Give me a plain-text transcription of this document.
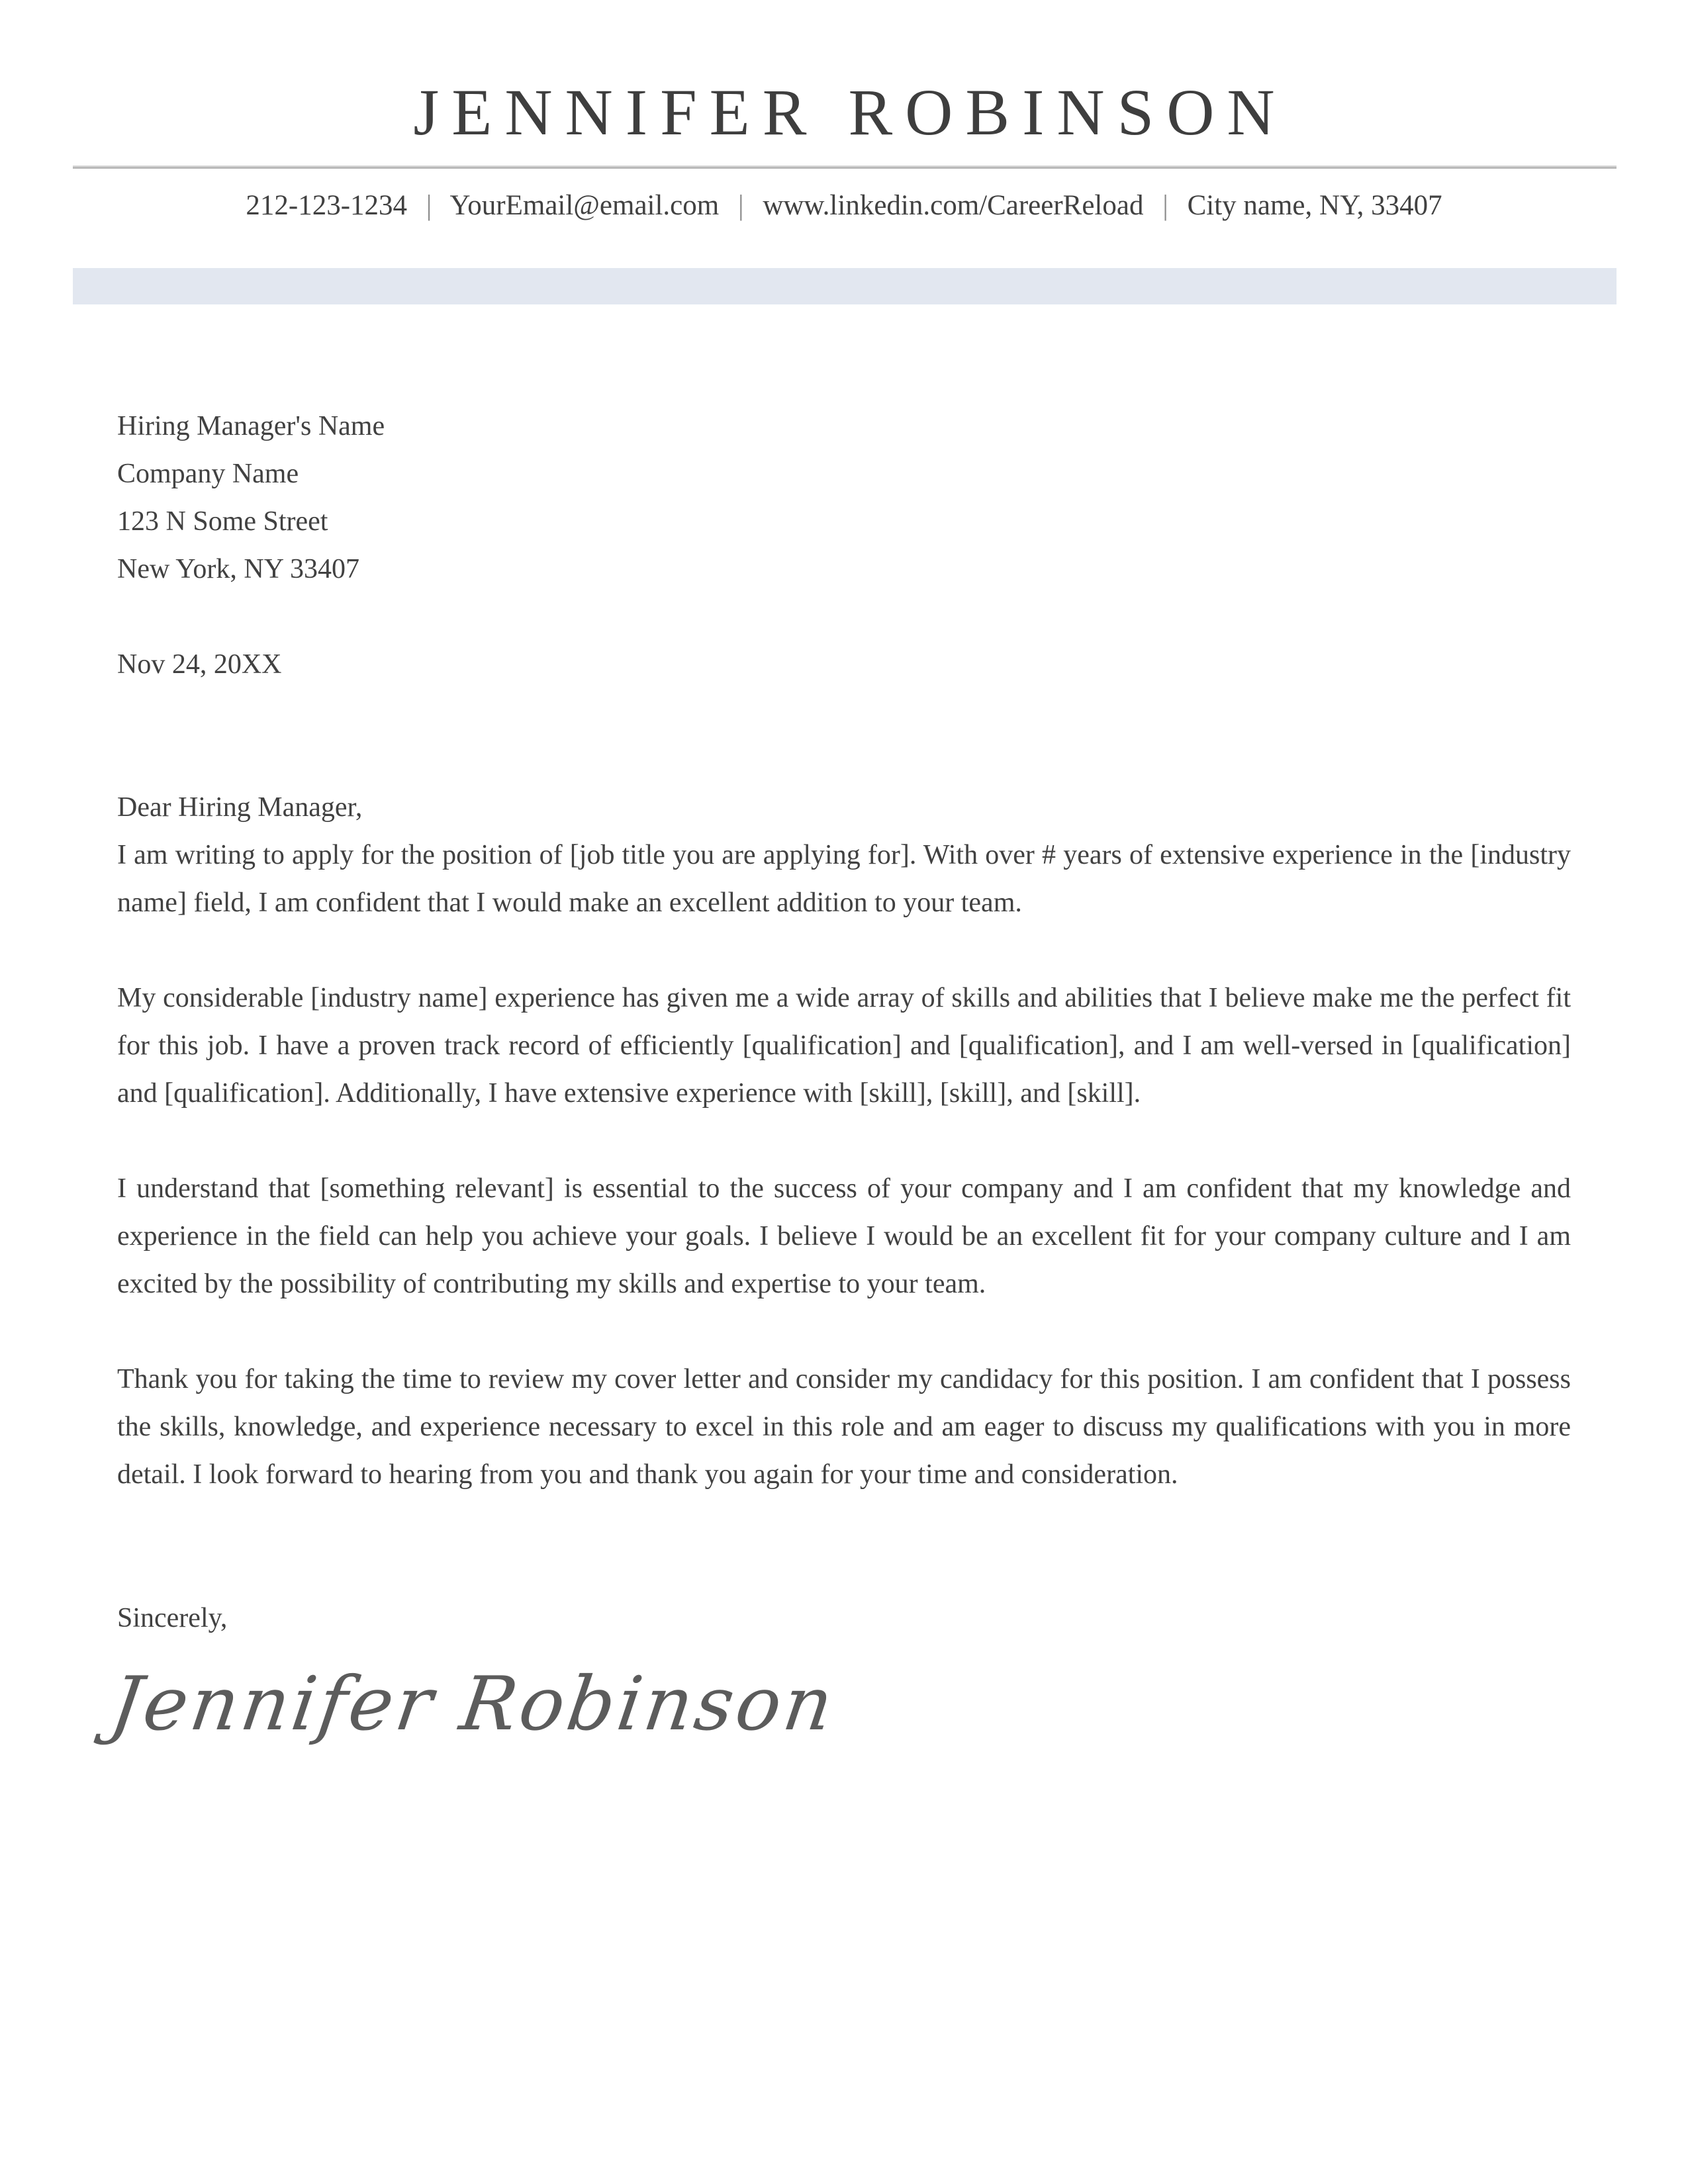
JENNIFER ROBINSON
212-123-1234 | YourEmail@email.com | www.linkedin.com/CareerReload | City name, NY, 33407
Hiring Manager's Name
Company Name
123 N Some Street
New York, NY 33407
Nov 24, 20XX
Dear Hiring Manager,

I am writing to apply for the position of [job title you are applying for]. With over # years of extensive experience in the [industry name] field, I am confident that I would make an excellent addition to your team.

My considerable [industry name] experience has given me a wide array of skills and abilities that I believe make me the perfect fit for this job. I have a proven track record of efficiently [qualification] and [qualification], and I am well-versed in [qualification] and [qualification]. Additionally, I have extensive experience with [skill], [skill], and [skill].

I understand that [something relevant] is essential to the success of your company and I am confident that my knowledge and experience in the field can help you achieve your goals. I believe I would be an excellent fit for your company culture and I am excited by the possibility of contributing my skills and expertise to your team.

Thank you for taking the time to review my cover letter and consider my candidacy for this position. I am confident that I possess the skills, knowledge, and experience necessary to excel in this role and am eager to discuss my qualifications with you in more detail. I look forward to hearing from you and thank you again for your time and consideration.

Sincerely,
Jennifer Robinson
